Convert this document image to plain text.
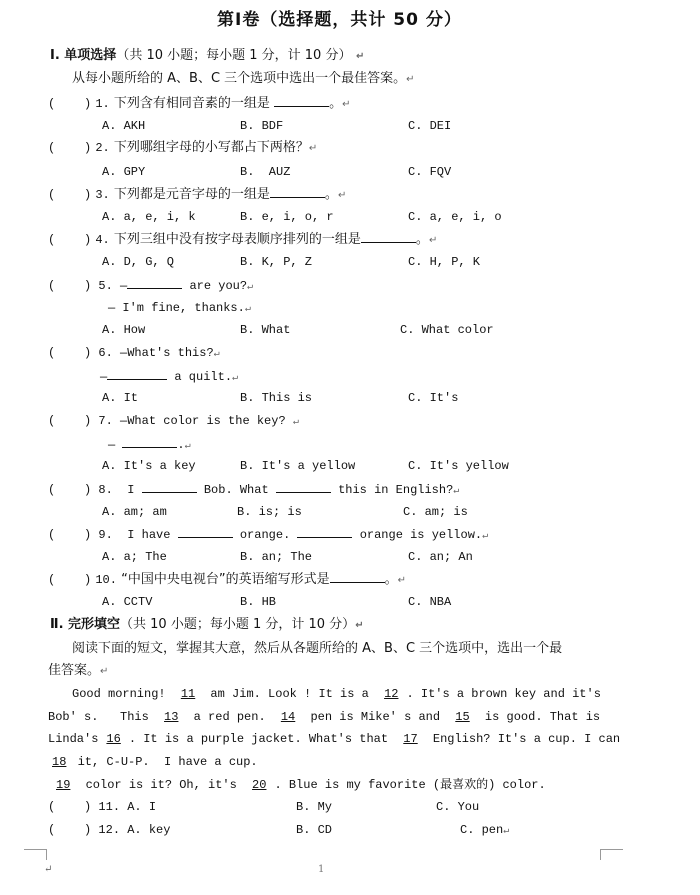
第Ⅰ卷（选择题，共计 50 分）
Ⅰ. 单项选择（共 10 小题；每小题 1 分，计 10 分） ↵
从每小题所给的 A、B、C 三个选项中选出一个最佳答案。↵
(    ) 1. 下列含有相同音素的一组是	。↵
A. AKH	B. BDF	C. DEI
(    ) 2. 下列哪组字母的小写都占下两格？↵
A. GPY	B.  AUZ	C. FQV
(    ) 3. 下列都是元音字母的一组是	。↵
A. a, e, i, k	B. e, i, o, r	C. a, e, i, o
(    ) 4. 下列三组中没有按字母表顺序排列的一组是	。↵
A. D, G, Q	B. K, P, Z	C. H, P, K
(    ) 5. —	are you?↵
— I'm fine, thanks.↵
A. How	B. What	C. What color
(    ) 6. —What's this?↵
—	a quilt.↵
A. It	B. This is	C. It's
(    ) 7. —What color is the key? ↵
—	.↵
A. It's a key	B. It's a yellow	C. It's yellow
(    ) 8. I	Bob. What	this in English?↵
A. am; am	B. is; is	C. am; is
(    ) 9. I have	orange.	orange is yellow.↵
A. a; The	B. an; The	C. an; An
(    ) 10. “中国中央电视台”的英语缩写形式是	。↵
A. CCTV	B. HB	C. NBA
Ⅱ. 完形填空（共 10 小题；每小题 1 分，计 10 分）↵
阅读下面的短文，掌握其大意，然后从各题所给的 A、B、C 三个选项中，选出一个最
佳答案。↵
Good morning! 11 am Jim. Look ! It is a 12 . It's a brown key and it's
Bob' s.   This 13 a red pen. 14 pen is Mike' s and 15 is good. That is
Linda's 16 . It is a purple jacket. What's that 17 English? It's a cup. I can
18 it, C-U-P.  I have a cup.
19 color is it? Oh, it's 20 . Blue is my favorite (最喜欢的) color.
(    ) 11. A. I	B. My	C. You
(    ) 12. A. key	B. CD	C. pen↵
1
↵
